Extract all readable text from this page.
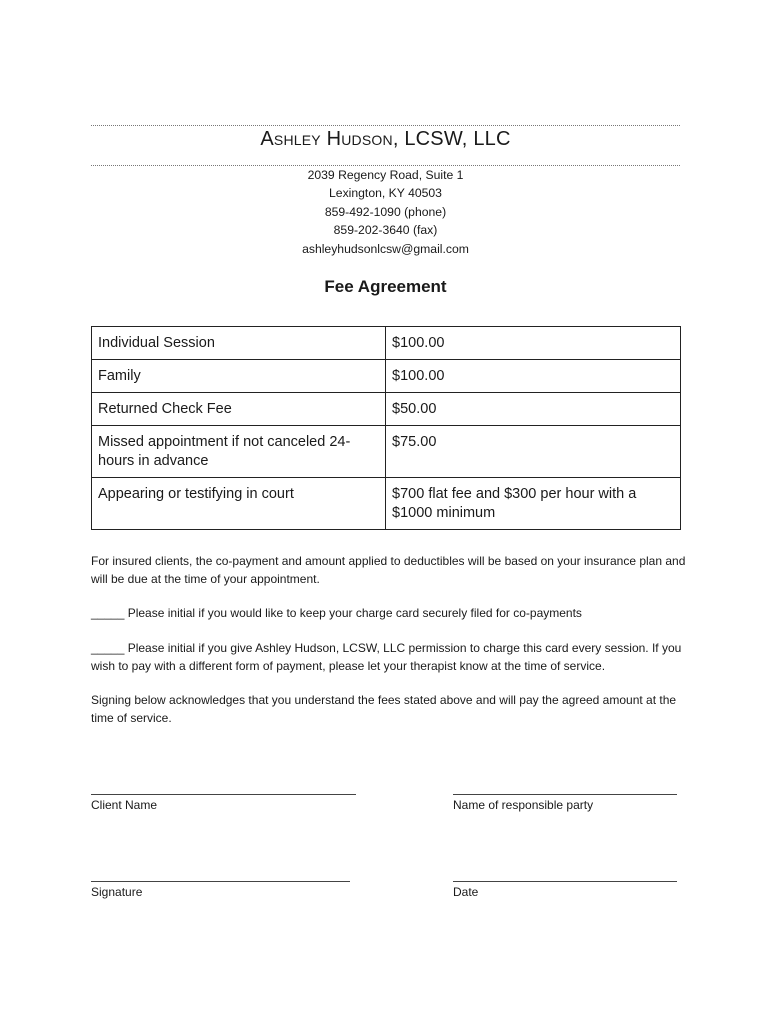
Ashley Hudson, LCSW, LLC
2039 Regency Road, Suite 1
Lexington, KY 40503
859-492-1090 (phone)
859-202-3640 (fax)
ashleyhudsonlcsw@gmail.com
Fee Agreement
Individual Session	$100.00
Family	$100.00
Returned Check Fee	$50.00
Missed appointment if not canceled 24-hours in advance	$75.00
Appearing or testifying in court	$700 flat fee and $300 per hour with a $1000 minimum
For insured clients, the co-payment and amount applied to deductibles will be based on your insurance plan and will be due at the time of your appointment.
_____ Please initial if you would like to keep your charge card securely filed for co-payments
_____ Please initial if you give Ashley Hudson, LCSW, LLC permission to charge this card every session. If you wish to pay with a different form of payment, please let your therapist know at the time of service.
Signing below acknowledges that you understand the fees stated above and will pay the agreed amount at the time of service.
Client Name	Name of responsible party
Signature	Date
